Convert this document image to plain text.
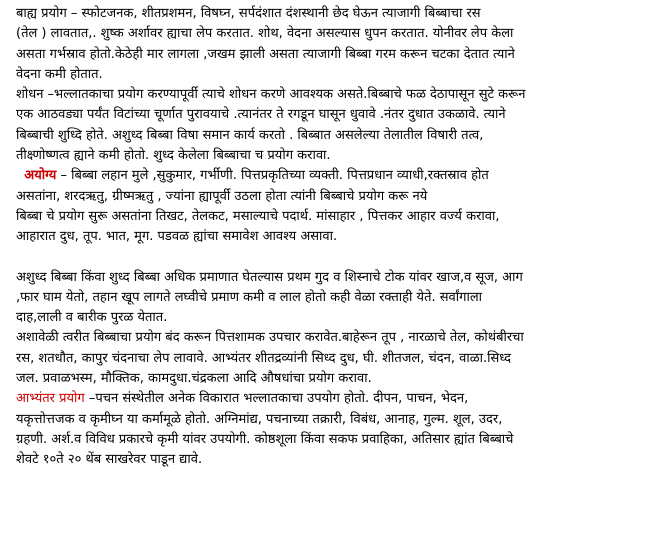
बाह्य प्रयोग – स्फोटजनक, शीतप्रशमन, विषघ्न, सर्पदंशात दंशस्थानी छेद घेऊन त्याजागी बिब्बाचा रस
(तेल ) लावतात,. शुष्क अर्शावर ह्याचा लेप करतात. शोथ, वेदना असल्यास धुपन करतात. योनीवर लेप केला
असता गर्भस्राव होतो.केठेही मार लागला ,जखम झाली असता त्याजागी बिब्बा गरम करून चटका देतात त्याने
वेदना कमी होतात.
शोधन –भल्लातकाचा प्रयोग करण्यापूर्वी त्याचे शोधन करणे आवश्यक असते.बिब्बाचे फळ देठापासून सुटे करून
एक आठवड्या पर्यंत विटांच्या चूर्णात पुरावयाचे .त्यानंतर ते रगडून घासून धुवावे .नंतर दुधात उकळावे. त्याने
बिब्बाची शुध्दि होते. अशुध्द बिब्बा विषा समान कार्य करतो . बिब्बात असलेल्या तेलातील विषारी तत्व,
तीक्ष्णोष्णत्व ह्याने कमी होतो. शुध्द केलेला बिब्बाचा च प्रयोग करावा.
अयोग्य – बिब्बा लहान मुले ,सुकुमार, गर्भीणी. पित्तप्रकृतिच्या व्यक्ती. पित्तप्रधान व्याधी,रक्तस्राव होत
असतांना, शरदऋतु, ग्रीष्मऋतु , ज्यांना ह्यापूर्वी उठला होता त्यांनी बिब्बाचे प्रयोग करू नये
बिब्बा चे प्रयोग सुरू असतांना तिखट, तेलकट, मसाल्याचे पदार्थ. मांसाहार , पित्तकर आहार वर्ज्य करावा,
आहारात दुध, तूप. भात, मूग. पडवळ ह्यांचा समावेश आवश्य असावा.
अशुध्द बिब्बा किंवा शुध्द बिब्बा अधिक प्रमाणात घेतल्यास प्रथम गुद व शिस्नाचे टोक यांवर खाज,व सूज, आग
,फार घाम येतो, तहान खूप लागते लघ्वीचे प्रमाण कमी व लाल होतो कही वेळा रक्ताही येते. सर्वांगाला
दाह,लाली व बारीक पुरळ येतात.
अशावेळी त्वरीत बिब्बाचा प्रयोग बंद करून पित्तशामक उपचार करावेत.बाहेरून तूप , नारळाचे तेल, कोथंबीरचा
रस, शतधौत, कापुर चंदनाचा लेप लावावे. आभ्यंतर शीतद्रव्यांनी सिध्द दुध, घी. शीतजल, चंदन, वाळा.सिध्द
जल. प्रवाळभस्म, मौक्तिक, कामदुधा.चंद्रकला आदि औषधांचा प्रयोग करावा.
आभ्यंतर प्रयोग –पचन संस्थेतील अनेक विकारात भल्लातकाचा उपयोग होतो. दीपन, पाचन, भेदन,
यकृत्तोत्तजक व कृमीघ्न या कर्मामूळे होतो. अग्निमांद्य, पचनाच्या तक्रारी, विबंध, आनाह, गुल्म. शूल, उदर,
ग्रहणी. अर्श.व विविध प्रकारचे कृमी यांवर उपयोगी. कोष्ठशूला किंवा सकफ प्रवाहिका, अतिसार ह्यांत बिब्बाचे
शेवटे १०ते २० थेंब साखरेवर पाडून द्यावे.
